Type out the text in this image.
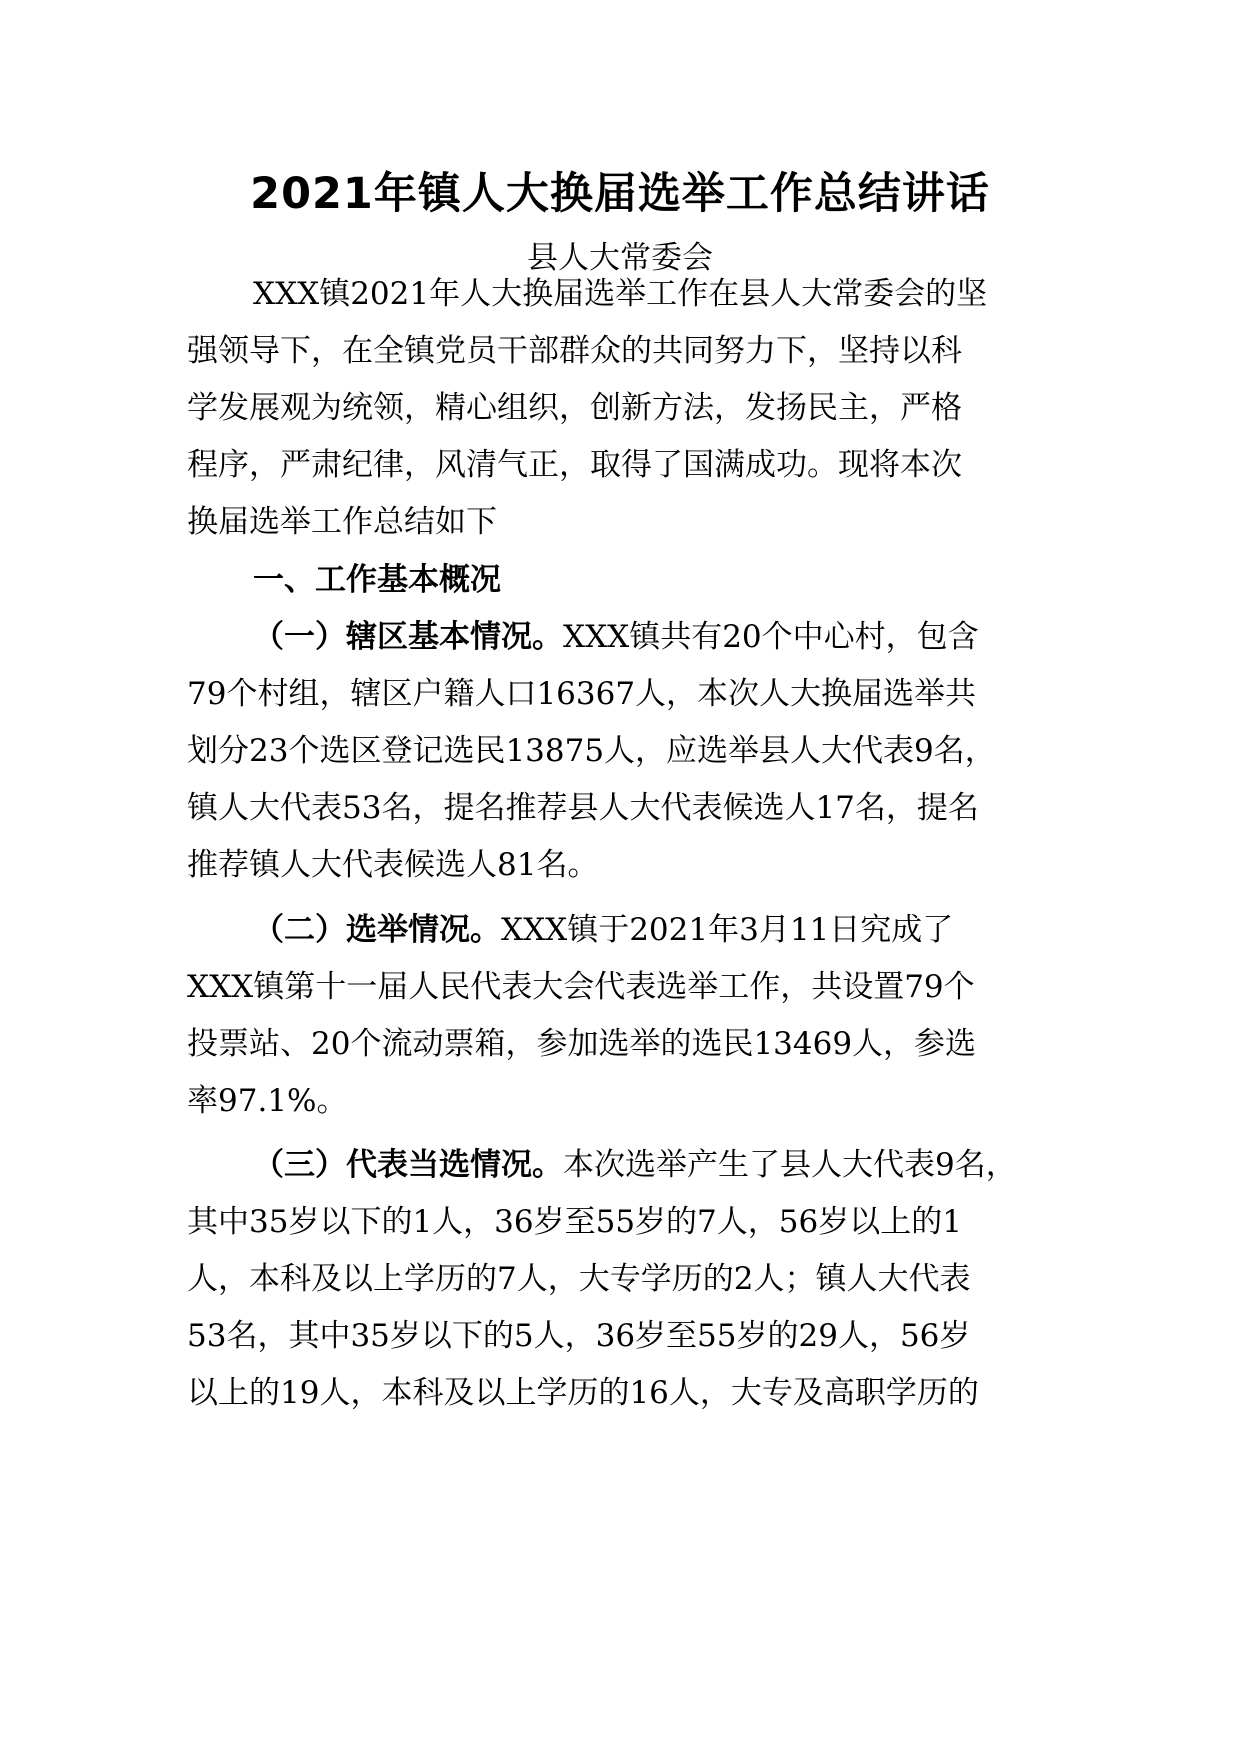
2021年镇人大换届选举工作总结讲话
县人大常委会
XXX镇2021年人大换届选举工作在县人大常委会的坚
强领导下，在全镇党员干部群众的共同努力下，坚持以科
学发展观为统领，精心组织，创新方法，发扬民主，严格
程序，严肃纪律，风清气正，取得了国满成功。现将本次
换届选举工作总结如下
一、工作基本概况
（一）辖区基本情况。XXX镇共有20个中心村，包含
79个村组，辖区户籍人口16367人，本次人大换届选举共
划分23个选区登记选民13875人，应选举县人大代表9名，
镇人大代表53名，提名推荐县人大代表候选人17名，提名
推荐镇人大代表候选人81名。
（二）选举情况。XXX镇于2021年3月11日究成了
XXX镇第十一届人民代表大会代表选举工作，共设置79个
投票站、20个流动票箱，参加选举的选民13469人，参选
率97.1%。
（三）代表当选情况。本次选举产生了县人大代表9名，
其中35岁以下的1人，36岁至55岁的7人，56岁以上的1
人，本科及以上学历的7人，大专学历的2人；镇人大代表
53名，其中35岁以下的5人，36岁至55岁的29人，56岁
以上的19人，本科及以上学历的16人，大专及高职学历的
